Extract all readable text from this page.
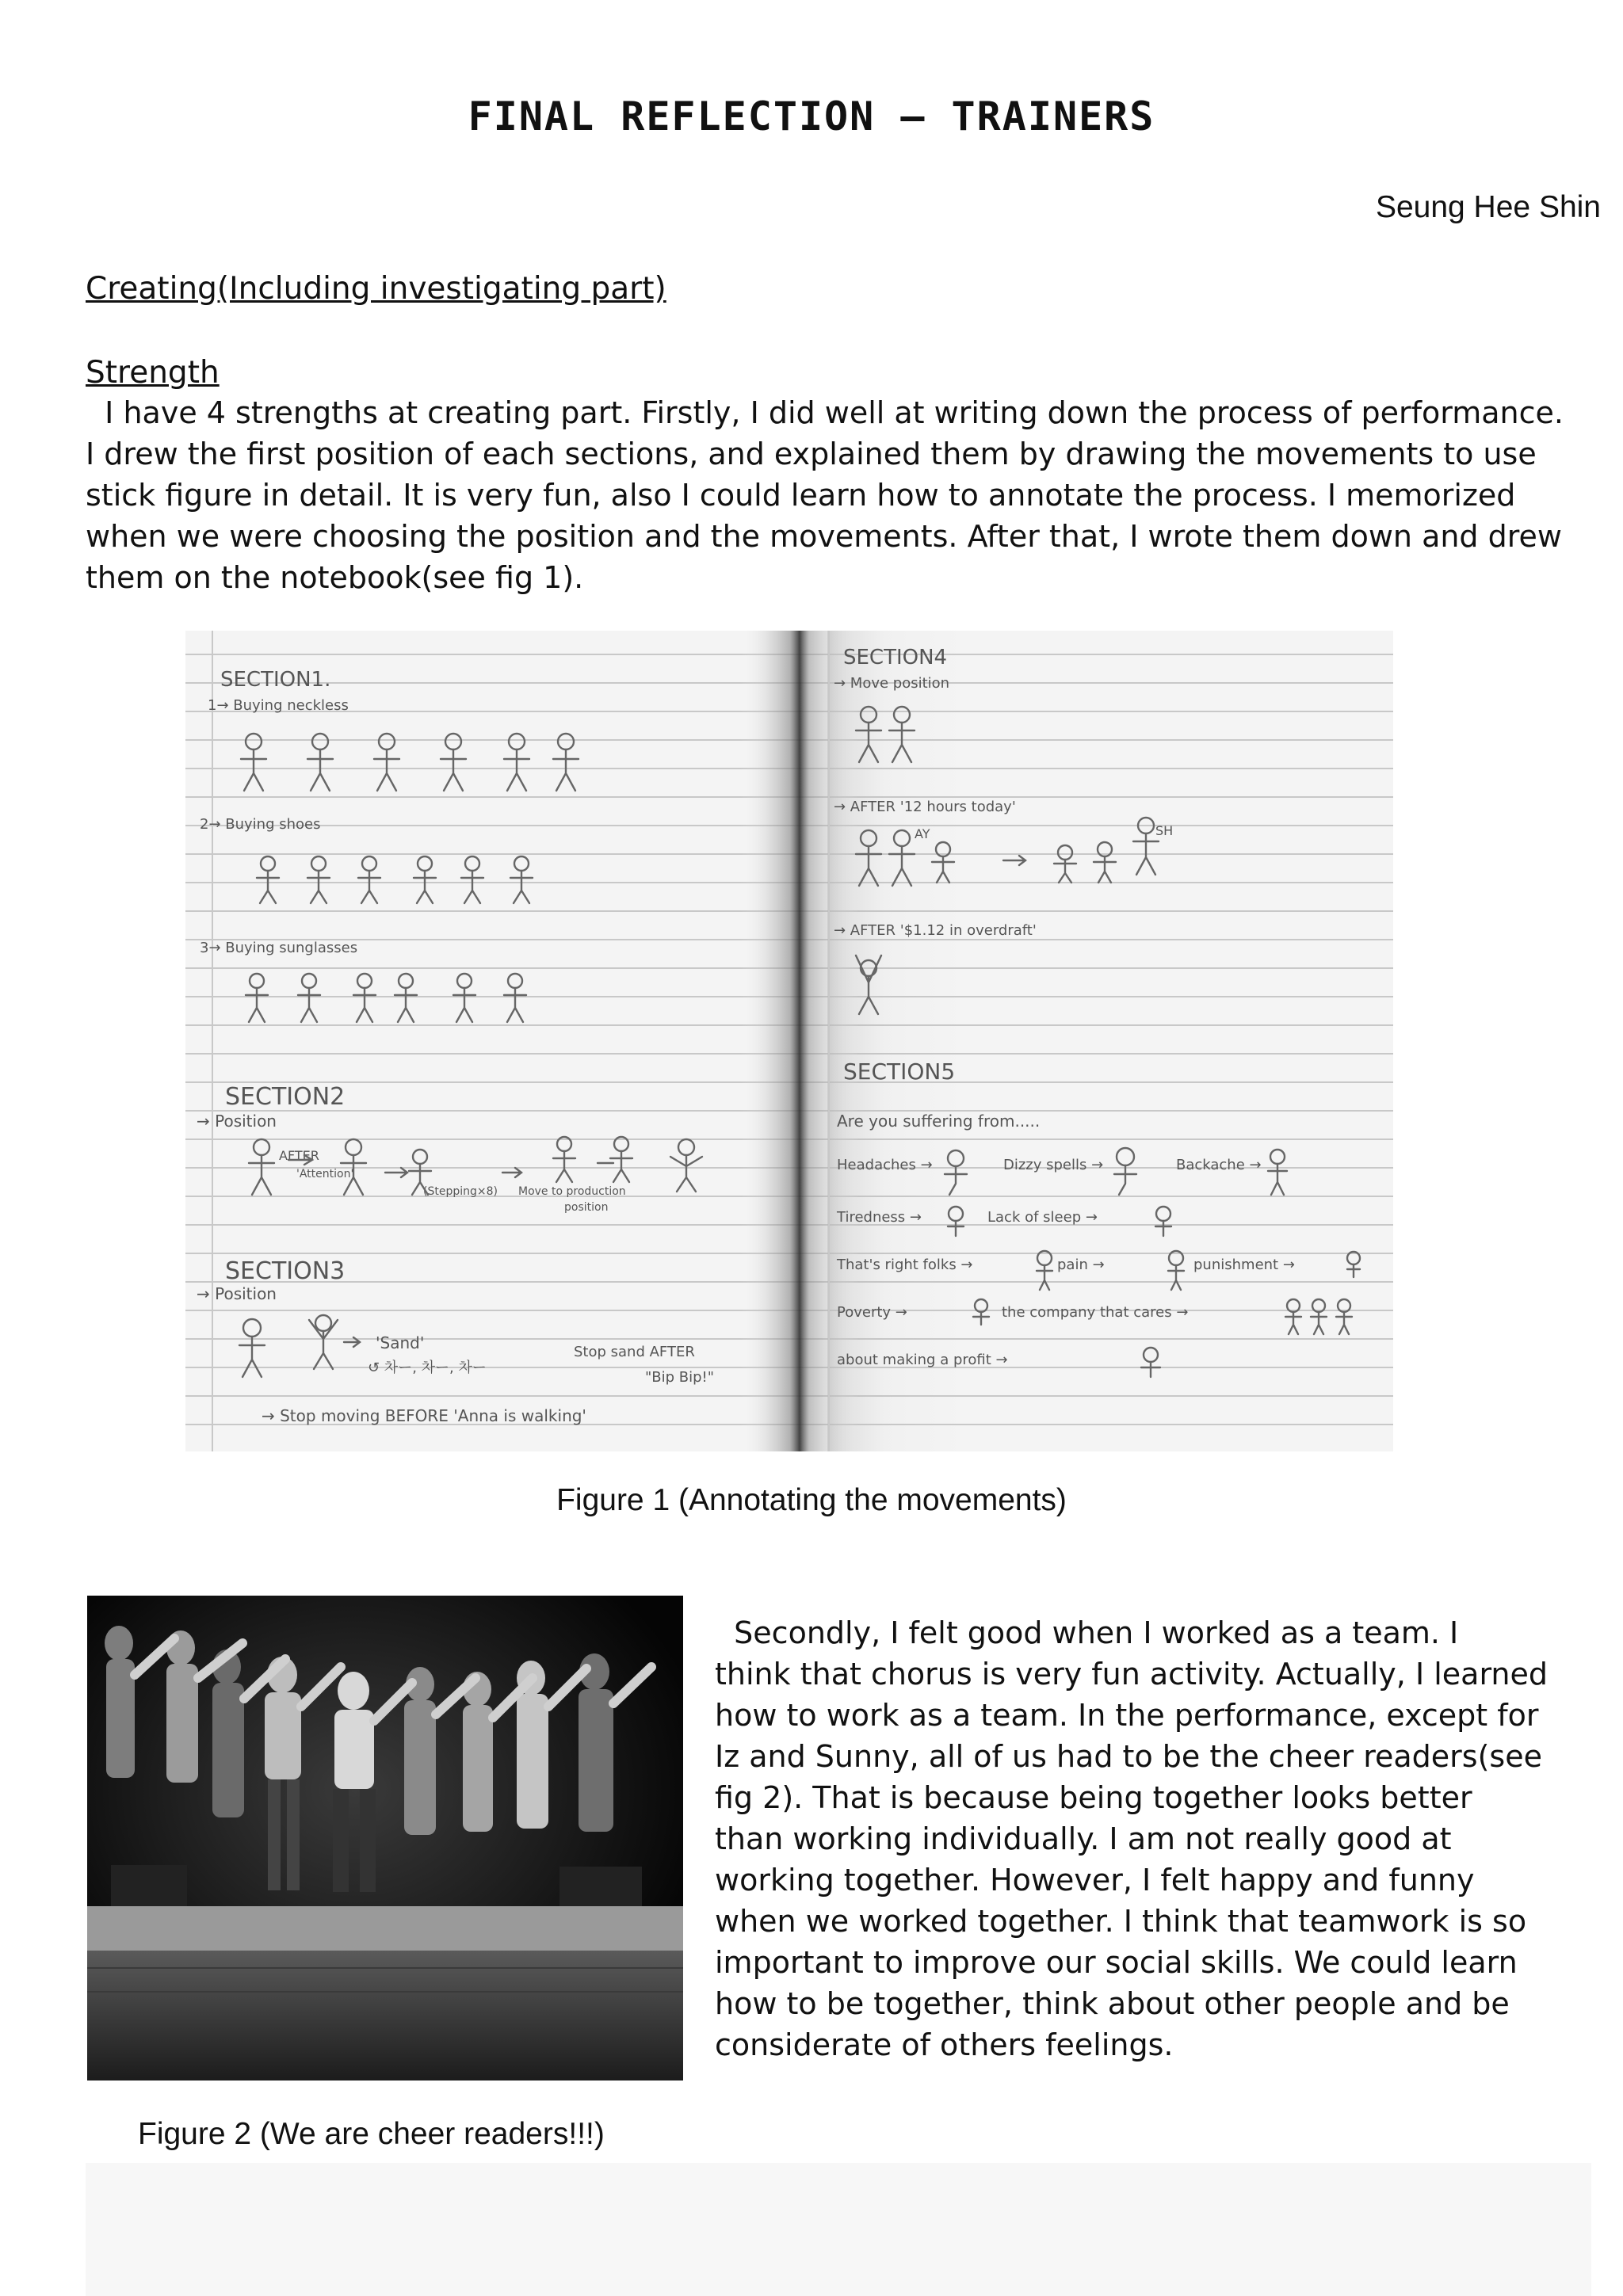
FINAL REFLECTION – TRAINERS
Seung Hee Shin
Creating(Including investigating part)
Strength
I have 4 strengths at creating part. Firstly, I did well at writing down the process of performance.
I drew the first position of each sections, and explained them by drawing the movements to use
stick figure in detail. It is very fun, also I could learn how to annotate the process. I memorized
when we were choosing the position and the movements. After that, I wrote them down and drew
them on the notebook(see fig 1).
SECTION1.
1→ Buying neckless
2→ Buying shoes
3→ Buying sunglasses
SECTION2
→ Position
AFTER
'Attention'
(Stepping×8) Move to production
position
SECTION3
→ Position
'Sand'
↺ 차ー, 차ー, 차ー
Stop sand AFTER
"Bip Bip!"
→ Stop moving BEFORE 'Anna is walking'
SECTION4
→ Move position
→ AFTER '12 hours today'
→ AFTER '$1.12 in overdraft'
SH
AY
SECTION5
Are you suffering from.....
Headaches →	Dizzy spells →	Backache →
Tiredness →	Lack of sleep →
That's right folks →	pain →	punishment →
Poverty →	the company that cares →
about making a profit →
Figure 1 (Annotating the movements)
Figure 2 (We are cheer readers!!!)
Secondly, I felt good when I worked as a team. I
think that chorus is very fun activity. Actually, I learned
how to work as a team. In the performance, except for
Iz and Sunny, all of us had to be the cheer readers(see
fig 2). That is because being together looks better
than working individually. I am not really good at
working together. However, I felt happy and funny
when we worked together. I think that teamwork is so
important to improve our social skills. We could learn
how to be together, think about other people and be
considerate of others feelings.
